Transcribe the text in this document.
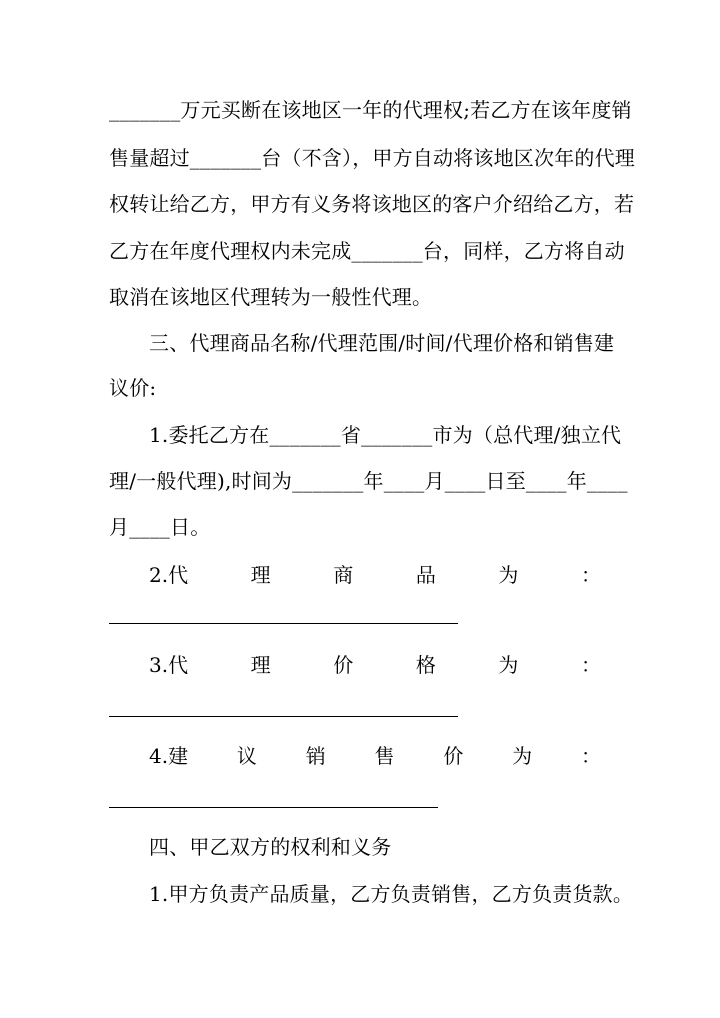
_______万元买断在该地区一年的代理权;若乙方在该年度销
售量超过_______台（不含），甲方自动将该地区次年的代理
权转让给乙方，甲方有义务将该地区的客户介绍给乙方，若
乙方在年度代理权内未完成_______台，同样，乙方将自动
取消在该地区代理转为一般性代理。
三、代理商品名称/代理范围/时间/代理价格和销售建
议价:
1.委托乙方在_______省_______市为（总代理/独立代
理/一般代理),时间为_______年____月____日至____年____
月____日。
2.代	理	商	品	为	：
3.代	理	价	格	为	：
4.建 议 销 售 价 为 ：
四、甲乙双方的权利和义务
1.甲方负责产品质量，乙方负责销售，乙方负责货款。
